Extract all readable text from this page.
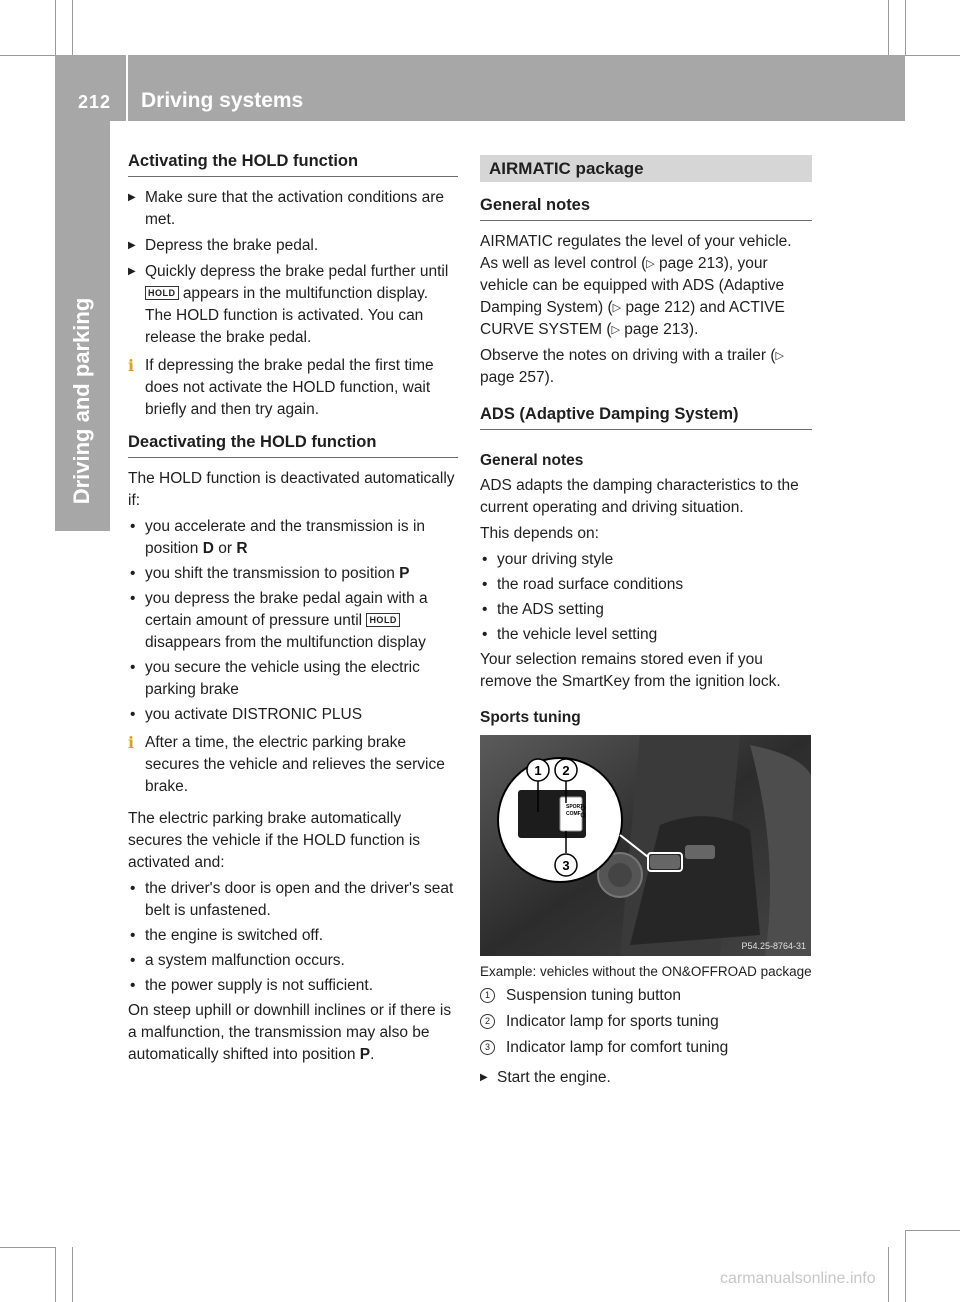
212 Driving systems
Driving and parking
Activating the HOLD function
▶ Make sure that the activation conditions are met.
▶ Depress the brake pedal.
▶ Quickly depress the brake pedal further until HOLD appears in the multifunction display.
The HOLD function is activated. You can release the brake pedal.
i If depressing the brake pedal the first time does not activate the HOLD function, wait briefly and then try again.
Deactivating the HOLD function

The HOLD function is deactivated automatically if:

• you accelerate and the transmission is in position D or R
• you shift the transmission to position P
• you depress the brake pedal again with a certain amount of pressure until HOLD disappears from the multifunction display
• you secure the vehicle using the electric parking brake
• you activate DISTRONIC PLUS
i After a time, the electric parking brake secures the vehicle and relieves the service brake.

The electric parking brake automatically secures the vehicle if the HOLD function is activated and:

• the driver's door is open and the driver's seat belt is unfastened.
• the engine is switched off.
• a system malfunction occurs.
• the power supply is not sufficient.

On steep uphill or downhill inclines or if there is a malfunction, the transmission may also be automatically shifted into position P.

AIRMATIC package
General notes

AIRMATIC regulates the level of your vehicle. As well as level control (▷ page 213), your vehicle can be equipped with ADS (Adaptive Damping System) (▷ page 212) and ACTIVE CURVE SYSTEM (▷ page 213).

Observe the notes on driving with a trailer (▷ page 257).

ADS (Adaptive Damping System)
General notes

ADS adapts the damping characteristics to the current operating and driving situation.

This depends on:

• your driving style
• the road surface conditions
• the ADS setting
• the vehicle level setting

Your selection remains stored even if you remove the SmartKey from the ignition lock.

Sports tuning
SPORT
COMF
1 2
3
P54.25-8764-31

Example: vehicles without the ON&OFFROAD package

1	Suspension tuning button
2	Indicator lamp for sports tuning
3	Indicator lamp for comfort tuning
▶ Start the engine.
carmanualsonline.info
